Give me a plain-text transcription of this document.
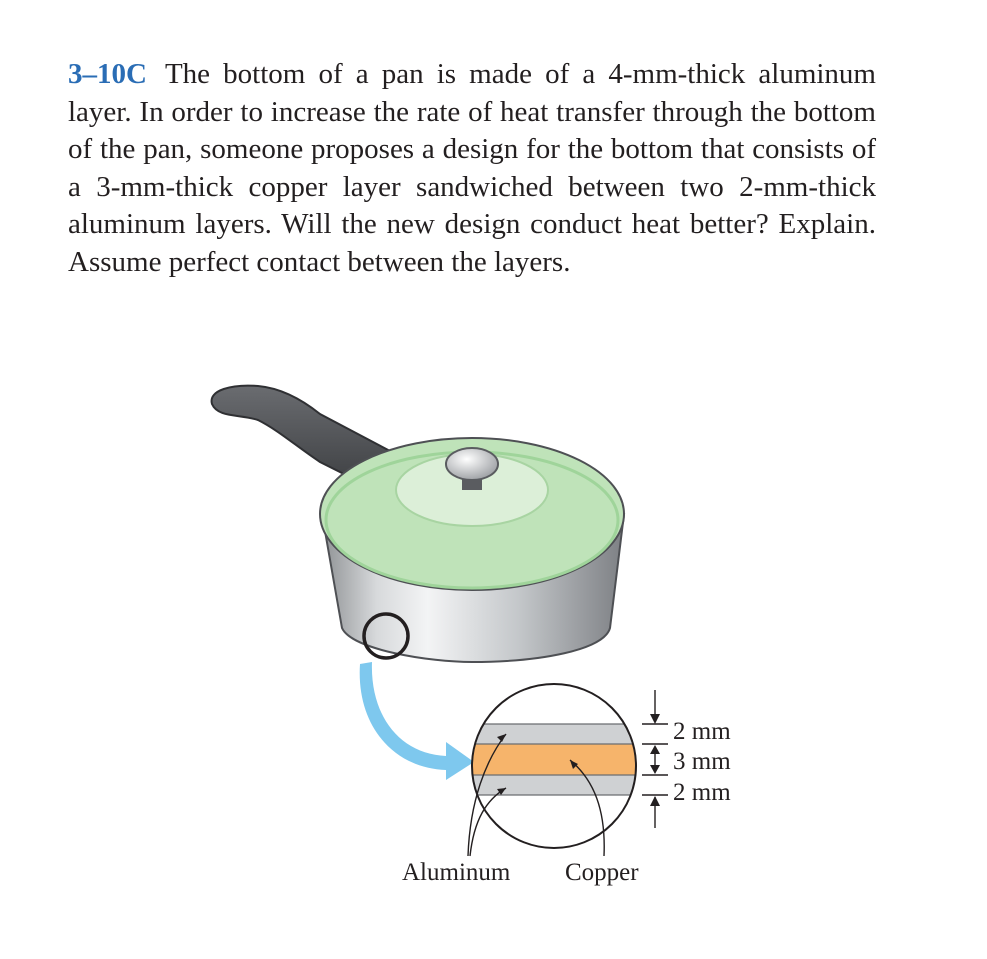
3–10C The bottom of a pan is made of a 4-mm-thick aluminum layer. In order to increase the rate of heat transfer through the bottom of the pan, someone proposes a design for the bottom that consists of a 3-mm-thick copper layer sandwiched between two 2-mm-thick aluminum layers. Will the new design conduct heat better? Explain. Assume perfect contact between the layers.

2 mm
3 mm
2 mm
Aluminum Copper
